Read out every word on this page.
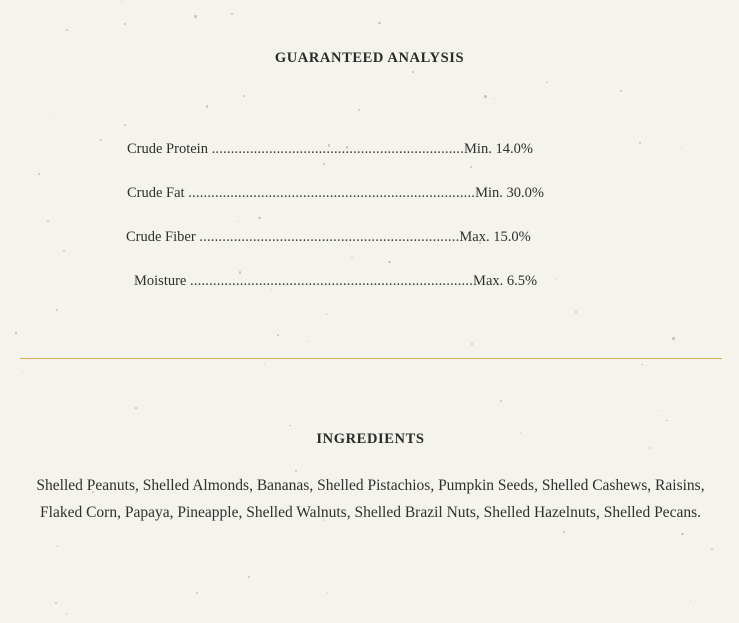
GUARANTEED ANALYSIS
Crude Protein ..................................................................Min. 14.0%
Crude Fat ...........................................................................Min. 30.0%
Crude Fiber ....................................................................Max. 15.0%
Moisture ..........................................................................Max. 6.5%
INGREDIENTS
Shelled Peanuts, Shelled Almonds, Bananas, Shelled Pistachios, Pumpkin Seeds, Shelled Cashews, Raisins, Flaked Corn, Papaya, Pineapple, Shelled Walnuts, Shelled Brazil Nuts, Shelled Hazelnuts, Shelled Pecans.
